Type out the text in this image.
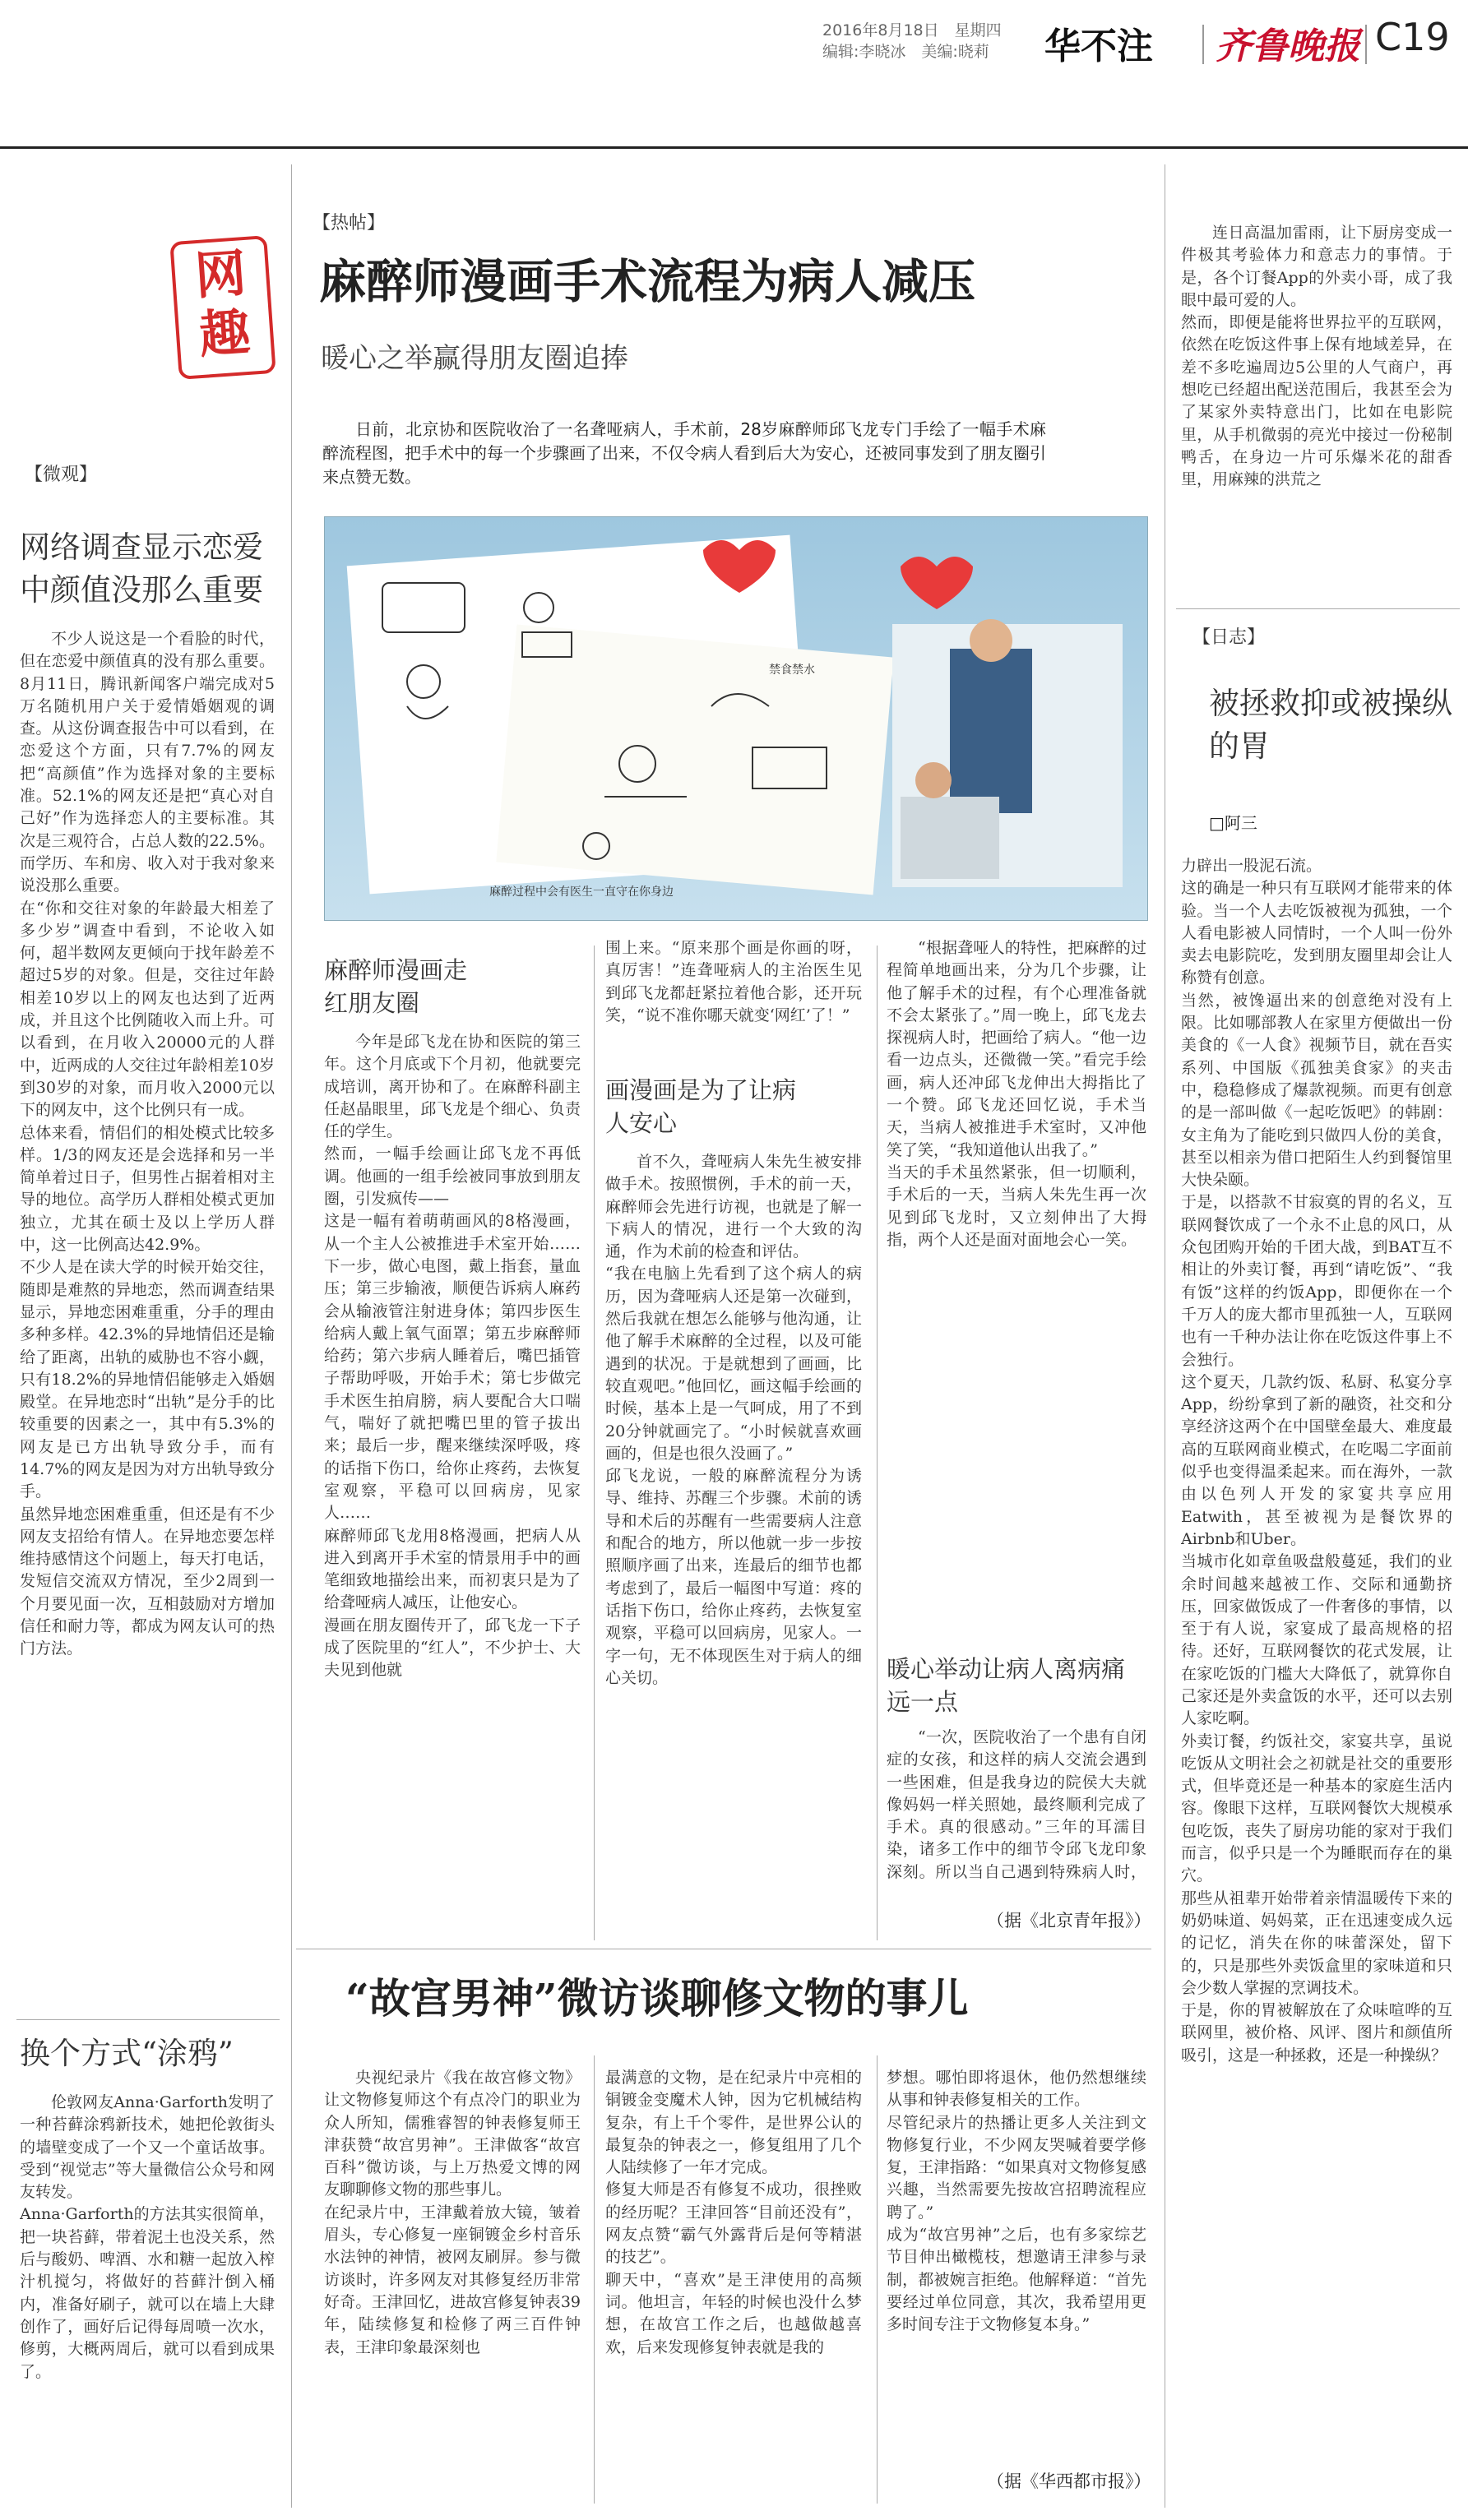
2016年8月18日　星期四
编辑:李晓冰　美编:晓莉 华不注 齐鲁晚报 C19
网
趣
【微观】
网络调查显示恋爱中颜值没那么重要
不少人说这是一个看脸的时代，但在恋爱中颜值真的没有那么重要。8月11日，腾讯新闻客户端完成对5万名随机用户关于爱情婚姻观的调查。从这份调查报告中可以看到，在恋爱这个方面，只有7.7%的网友把“高颜值”作为选择对象的主要标准。52.1%的网友还是把“真心对自己好”作为选择恋人的主要标准。其次是三观符合，占总人数的22.5%。而学历、车和房、收入对于我对象来说没那么重要。
在“你和交往对象的年龄最大相差了多少岁”调查中看到，不论收入如何，超半数网友更倾向于找年龄差不超过5岁的对象。但是，交往过年龄相差10岁以上的网友也达到了近两成，并且这个比例随收入而上升。可以看到，在月收入20000元的人群中，近两成的人交往过年龄相差10岁到30岁的对象，而月收入2000元以下的网友中，这个比例只有一成。
总体来看，情侣们的相处模式比较多样。1/3的网友还是会选择和另一半简单着过日子，但男性占据着相对主导的地位。高学历人群相处模式更加独立，尤其在硕士及以上学历人群中，这一比例高达42.9%。
不少人是在读大学的时候开始交往，随即是难熬的异地恋，然而调查结果显示，异地恋困难重重，分手的理由多种多样。42.3%的异地情侣还是输给了距离，出轨的威胁也不容小觑，只有18.2%的异地情侣能够走入婚姻殿堂。在异地恋时“出轨”是分手的比较重要的因素之一，其中有5.3%的网友是已方出轨导致分手，而有14.7%的网友是因为对方出轨导致分手。
虽然异地恋困难重重，但还是有不少网友支招给有情人。在异地恋要怎样维持感情这个问题上，每天打电话，发短信交流双方情况，至少2周到一个月要见面一次，互相鼓励对方增加信任和耐力等，都成为网友认可的热门方法。
换个方式“涂鸦”
伦敦网友Anna·Garforth发明了一种苔藓涂鸦新技术，她把伦敦街头的墙壁变成了一个又一个童话故事。受到“视觉志”等大量微信公众号和网友转发。
Anna·Garforth的方法其实很简单，把一块苔藓，带着泥土也没关系，然后与酸奶、啤酒、水和糖一起放入榨汁机搅匀，将做好的苔藓汁倒入桶内，准备好刷子，就可以在墙上大肆创作了，画好后记得每周喷一次水，修剪，大概两周后，就可以看到成果了。
【热帖】
麻醉师漫画手术流程为病人减压
暖心之举赢得朋友圈追捧
日前，北京协和医院收治了一名聋哑病人，手术前，28岁麻醉师邱飞龙专门手绘了一幅手术麻醉流程图，把手术中的每一个步骤画了出来，不仅令病人看到后大为安心，还被同事发到了朋友圈引来点赞无数。
禁食禁水
麻醉过程中会有医生一直守在你身边
麻醉师漫画走红朋友圈
今年是邱飞龙在协和医院的第三年。这个月底或下个月初，他就要完成培训，离开协和了。在麻醉科副主任赵晶眼里，邱飞龙是个细心、负责任的学生。
然而，一幅手绘画让邱飞龙不再低调。他画的一组手绘被同事放到朋友圈，引发疯传——
这是一幅有着萌萌画风的8格漫画，从一个主人公被推进手术室开始……下一步，做心电图，戴上指套，量血压；第三步输液，顺便告诉病人麻药会从输液管注射进身体；第四步医生给病人戴上氧气面罩；第五步麻醉师给药；第六步病人睡着后，嘴巴插管子帮助呼吸，开始手术；第七步做完手术医生拍肩膀，病人要配合大口喘气，喘好了就把嘴巴里的管子拔出来；最后一步，醒来继续深呼吸，疼的话指下伤口，给你止疼药，去恢复室观察，平稳可以回病房，见家人……
麻醉师邱飞龙用8格漫画，把病人从进入到离开手术室的情景用手中的画笔细致地描绘出来，而初衷只是为了给聋哑病人减压，让他安心。
漫画在朋友圈传开了，邱飞龙一下子成了医院里的“红人”，不少护士、大夫见到他就
围上来。“原来那个画是你画的呀，真厉害！”连聋哑病人的主治医生见到邱飞龙都赶紧拉着他合影，还开玩笑，“说不准你哪天就变‘网红’了！”
画漫画是为了让病人安心
首不久，聋哑病人朱先生被安排做手术。按照惯例，手术的前一天，麻醉师会先进行访视，也就是了解一下病人的情况，进行一个大致的沟通，作为术前的检查和评估。
“我在电脑上先看到了这个病人的病历，因为聋哑病人还是第一次碰到，然后我就在想怎么能够与他沟通，让他了解手术麻醉的全过程，以及可能遇到的状况。于是就想到了画画，比较直观吧。”他回忆，画这幅手绘画的时候，基本上是一气呵成，用了不到20分钟就画完了。“小时候就喜欢画画的，但是也很久没画了。”
邱飞龙说，一般的麻醉流程分为诱导、维持、苏醒三个步骤。术前的诱导和术后的苏醒有一些需要病人注意和配合的地方，所以他就一步一步按照顺序画了出来，连最后的细节也都考虑到了，最后一幅图中写道：疼的话指下伤口，给你止疼药，去恢复室观察，平稳可以回病房，见家人。一字一句，无不体现医生对于病人的细心关切。
“根据聋哑人的特性，把麻醉的过程简单地画出来，分为几个步骤，让他了解手术的过程，有个心理准备就不会太紧张了。”周一晚上，邱飞龙去探视病人时，把画给了病人。“他一边看一边点头，还微微一笑。”看完手绘画，病人还冲邱飞龙伸出大拇指比了一个赞。邱飞龙还回忆说，手术当天，当病人被推进手术室时，又冲他笑了笑，“我知道他认出我了。”
当天的手术虽然紧张，但一切顺利，手术后的一天，当病人朱先生再一次见到邱飞龙时，又立刻伸出了大拇指，两个人还是面对面地会心一笑。
暖心举动让病人离病痛远一点
“一次，医院收治了一个患有自闭症的女孩，和这样的病人交流会遇到一些困难，但是我身边的院侯大夫就像妈妈一样关照她，最终顺利完成了手术。真的很感动。”三年的耳濡目染，诸多工作中的细节令邱飞龙印象深刻。所以当自己遇到特殊病人时，

（据《北京青年报》）
“故宫男神”微访谈聊修文物的事儿
央视纪录片《我在故宫修文物》让文物修复师这个有点冷门的职业为众人所知，儒雅睿智的钟表修复师王津获赞“故宫男神”。王津做客“故宫百科”微访谈，与上万热爱文博的网友聊聊修文物的那些事儿。
在纪录片中，王津戴着放大镜，皱着眉头，专心修复一座铜镀金乡村音乐水法钟的神情，被网友刷屏。参与微访谈时，许多网友对其修复经历非常好奇。王津回忆，进故宫修复钟表39年，陆续修复和检修了两三百件钟表，王津印象最深刻也
最满意的文物，是在纪录片中亮相的铜镀金变魔术人钟，因为它机械结构复杂，有上千个零件，是世界公认的最复杂的钟表之一，修复组用了几个人陆续修了一年才完成。
修复大师是否有修复不成功，很挫败的经历呢？王津回答“目前还没有”，网友点赞“霸气外露背后是何等精湛的技艺”。
聊天中，“喜欢”是王津使用的高频词。他坦言，年轻的时候也没什么梦想，在故宫工作之后，也越做越喜欢，后来发现修复钟表就是我的
梦想。哪怕即将退休，他仍然想继续从事和钟表修复相关的工作。
尽管纪录片的热播让更多人关注到文物修复行业，不少网友哭喊着要学修复，王津指路：“如果真对文物修复感兴趣，当然需要先按故宫招聘流程应聘了。”
成为“故宫男神”之后，也有多家综艺节目伸出橄榄枝，想邀请王津参与录制，都被婉言拒绝。他解释道：“首先要经过单位同意，其次，我希望用更多时间专注于文物修复本身。”
（据《华西都市报》）
连日高温加雷雨，让下厨房变成一件极其考验体力和意志力的事情。于是，各个订餐App的外卖小哥，成了我眼中最可爱的人。
然而，即便是能将世界拉平的互联网，依然在吃饭这件事上保有地域差异，在差不多吃遍周边5公里的人气商户，再想吃已经超出配送范围后，我甚至会为了某家外卖特意出门，比如在电影院里，从手机微弱的亮光中接过一份秘制鸭舌，在身边一片可乐爆米花的甜香里，用麻辣的洪荒之
【日志】
被拯救抑或被操纵的胃
□阿三
力辟出一股泥石流。
这的确是一种只有互联网才能带来的体验。当一个人去吃饭被视为孤独，一个人看电影被人同情时，一个人叫一份外卖去电影院吃，发到朋友圈里却会让人称赞有创意。
当然，被馋逼出来的创意绝对没有上限。比如哪部教人在家里方便做出一份美食的《一人食》视频节目，就在吾实系列、中国版《孤独美食家》的夹击中，稳稳修成了爆款视频。而更有创意的是一部叫做《一起吃饭吧》的韩剧：女主角为了能吃到只做四人份的美食，甚至以相亲为借口把陌生人约到餐馆里大快朵颐。
于是，以搭款不甘寂寞的胃的名义，互联网餐饮成了一个永不止息的风口，从众包团购开始的千团大战，到BAT互不相让的外卖订餐，再到“请吃饭”、“我有饭”这样的约饭App，即便你在一个千万人的庞大都市里孤独一人，互联网也有一千种办法让你在吃饭这件事上不会独行。
这个夏天，几款约饭、私厨、私宴分享App，纷纷拿到了新的融资，社交和分享经济这两个在中国壁垒最大、难度最高的互联网商业模式，在吃喝二字面前似乎也变得温柔起来。而在海外，一款由以色列人开发的家宴共享应用Eatwith，甚至被视为是餐饮界的Airbnb和Uber。
当城市化如章鱼吸盘般蔓延，我们的业余时间越来越被工作、交际和通勤挤压，回家做饭成了一件奢侈的事情，以至于有人说，家宴成了最高规格的招待。还好，互联网餐饮的花式发展，让在家吃饭的门槛大大降低了，就算你自己家还是外卖盒饭的水平，还可以去别人家吃啊。
外卖订餐，约饭社交，家宴共享，虽说吃饭从文明社会之初就是社交的重要形式，但毕竟还是一种基本的家庭生活内容。像眼下这样，互联网餐饮大规模承包吃饭，丧失了厨房功能的家对于我们而言，似乎只是一个为睡眠而存在的巢穴。
那些从祖辈开始带着亲情温暖传下来的奶奶味道、妈妈菜，正在迅速变成久远的记忆，消失在你的味蕾深处，留下的，只是那些外卖饭盒里的家味道和只会少数人掌握的烹调技术。
于是，你的胃被解放在了众味喧哗的互联网里，被价格、风评、图片和颜值所吸引，这是一种拯救，还是一种操纵？
